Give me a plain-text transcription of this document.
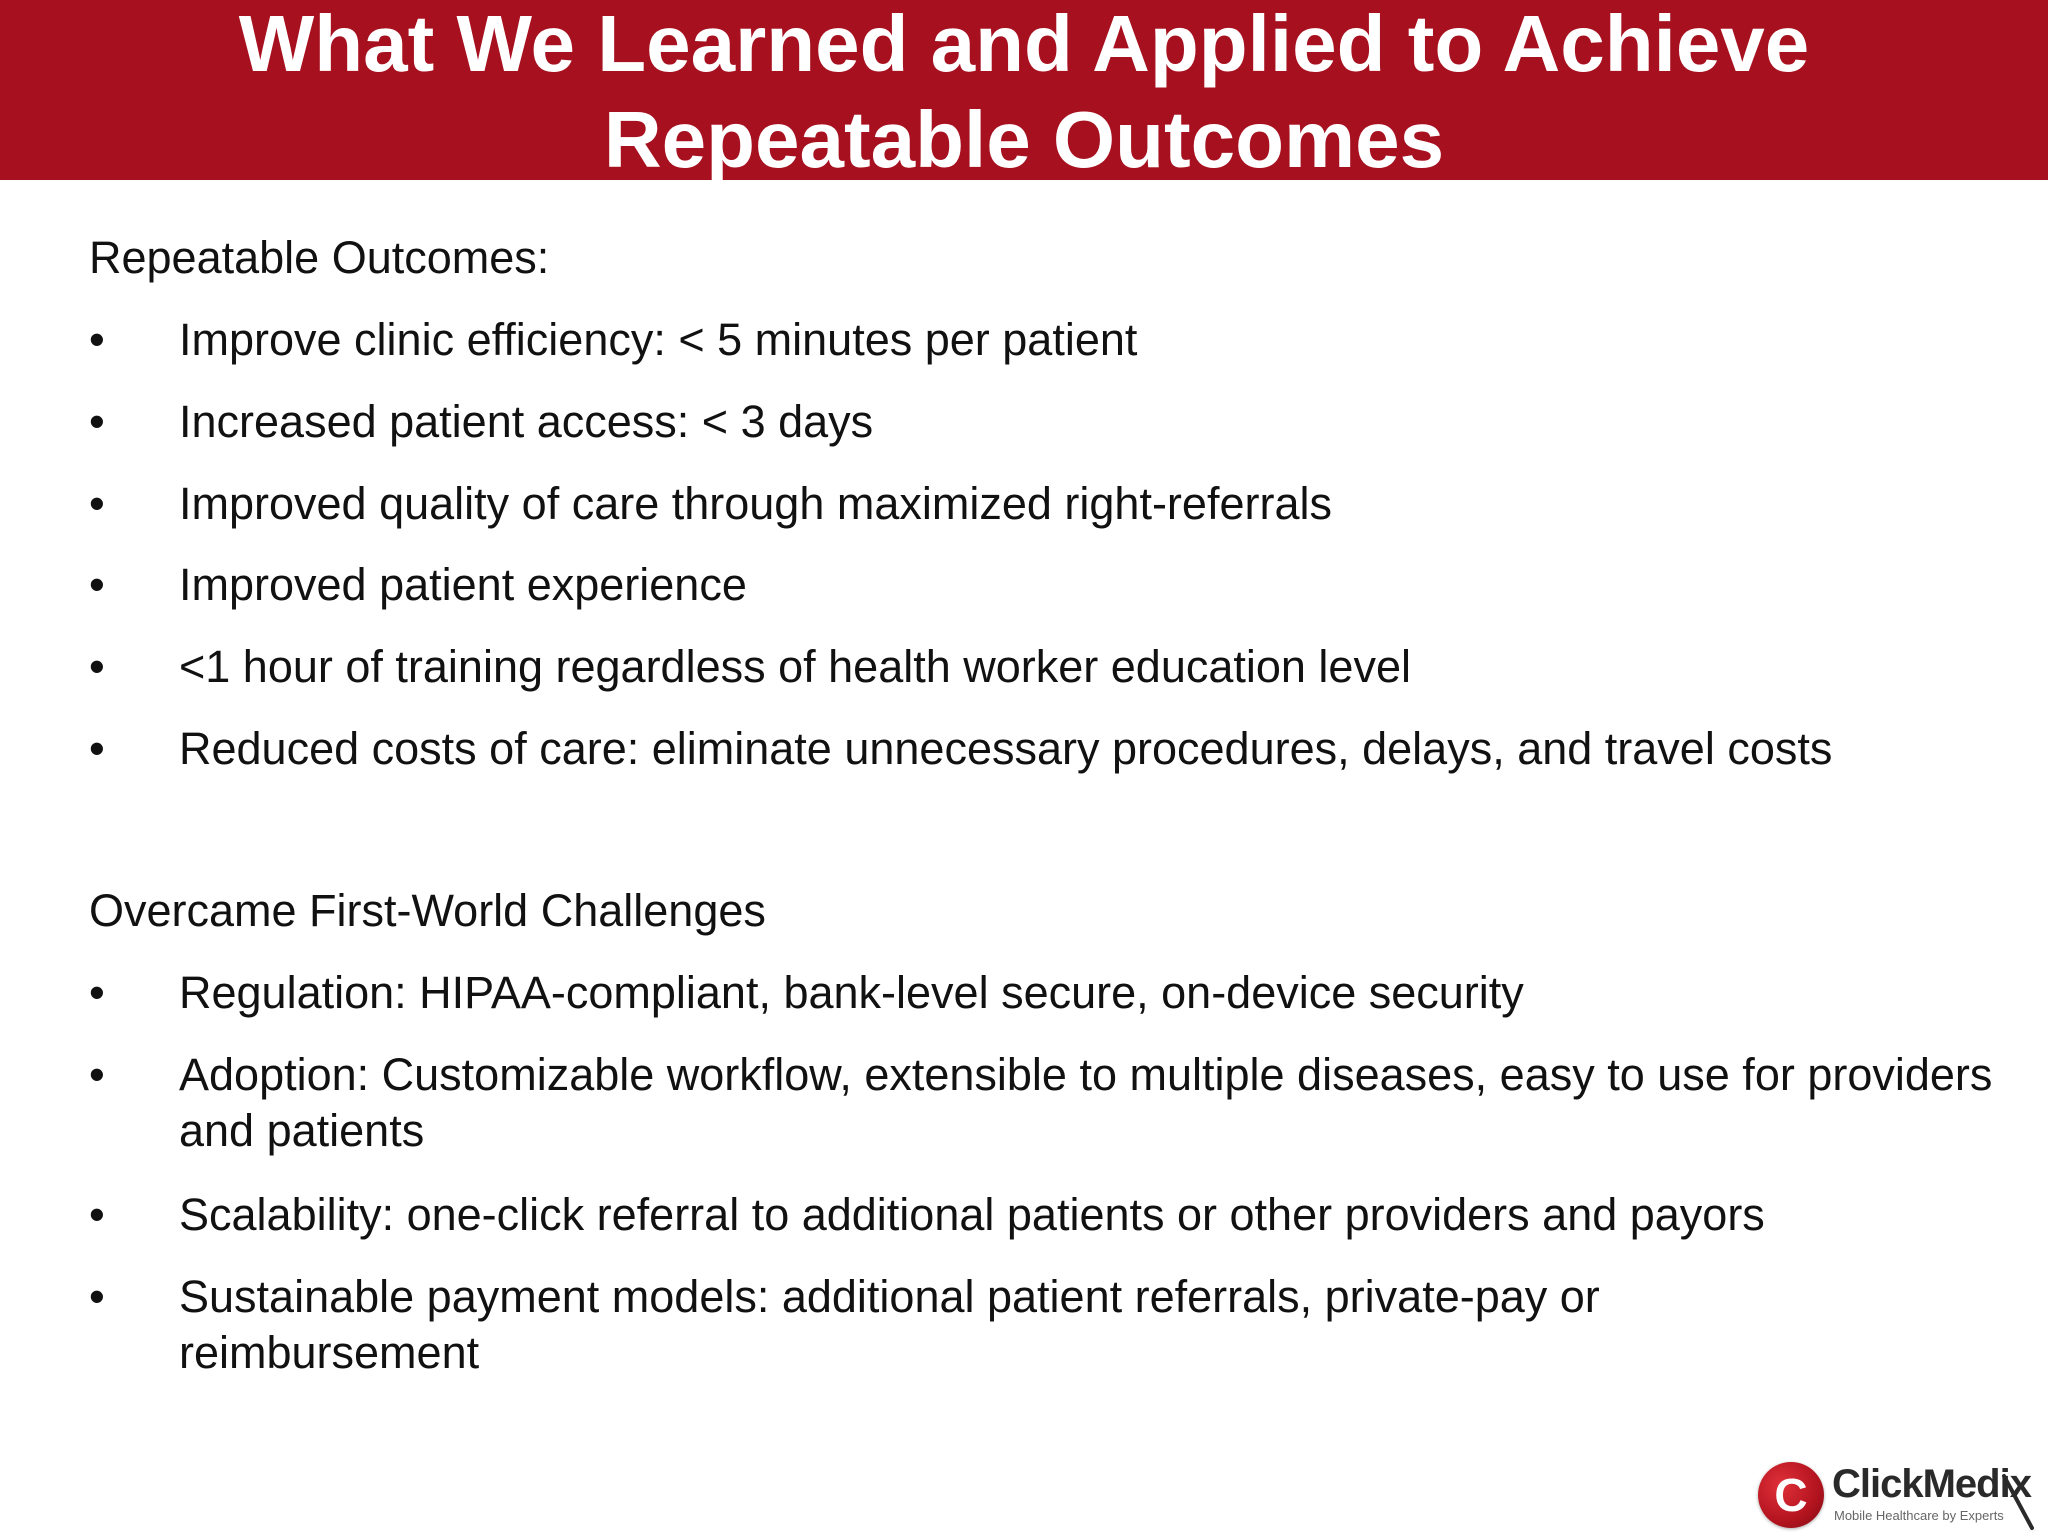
What We Learned and Applied to Achieve
Repeatable Outcomes
Repeatable Outcomes:
•	Improve clinic efficiency: < 5 minutes per patient
•	Increased patient access: < 3 days
•	Improved quality of care through maximized right-referrals
•	Improved patient experience
•	<1 hour of training regardless of health worker education level
•	Reduced costs of care: eliminate unnecessary procedures, delays, and travel costs
Overcame First-World Challenges
•	Regulation: HIPAA-compliant, bank-level secure, on-device security
•	Adoption: Customizable workflow, extensible to multiple diseases, easy to use for providers and patients
•	Scalability: one-click referral to additional patients or other providers and payors
•	Sustainable payment models: additional patient referrals, private-pay or reimbursement
C ClickMedix
Mobile Healthcare by Experts
